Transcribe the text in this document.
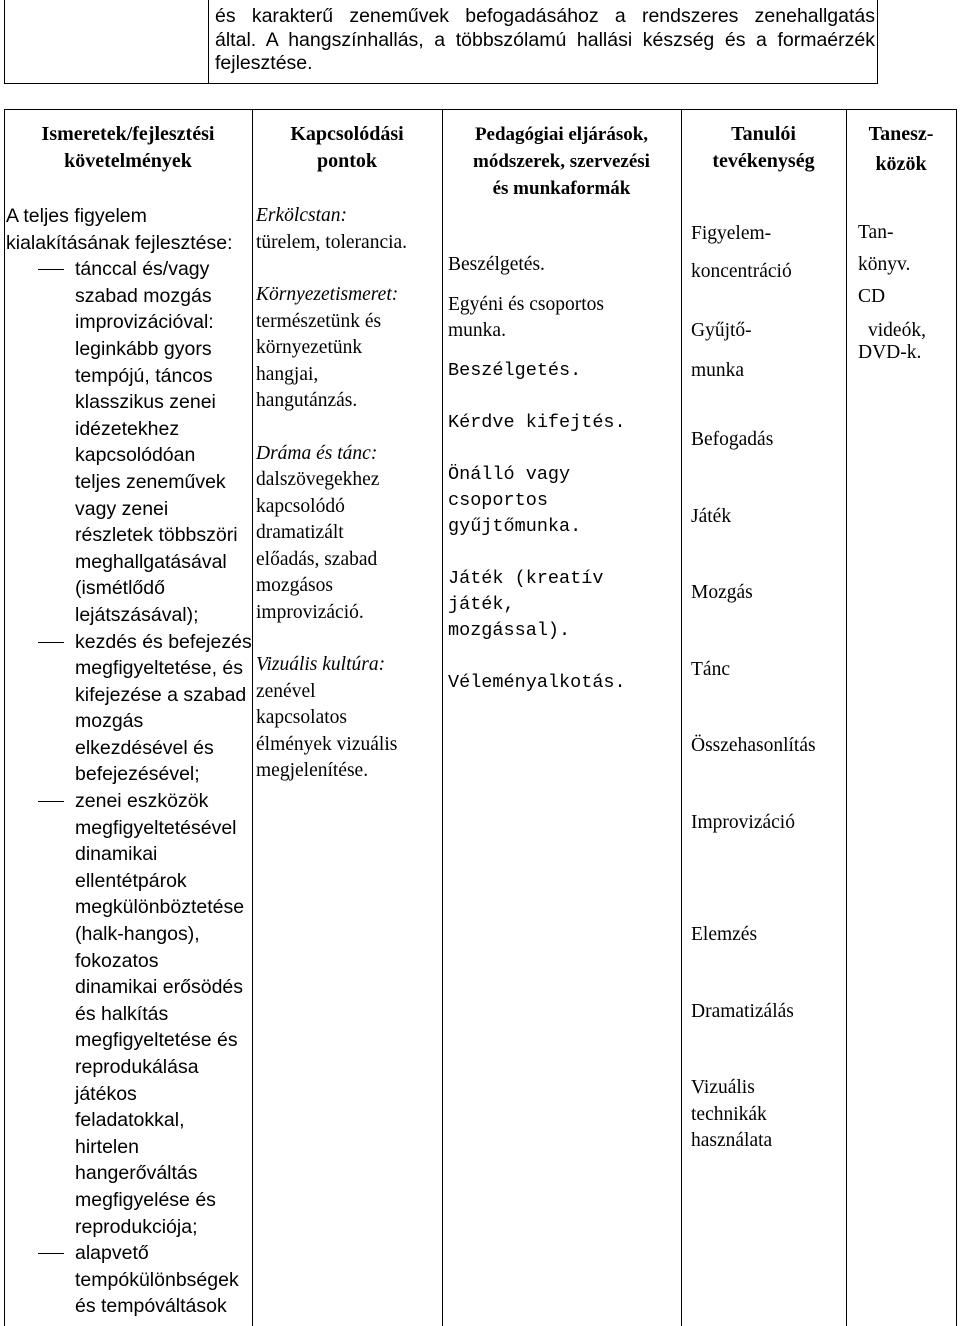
és karakterű zeneművek befogadásához a rendszeres zenehallgatás
által. A hangszínhallás, a többszólamú hallási készség és a formaérzék
fejlesztése.
Ismeretek/fejlesztési
követelmények
Kapcsolódási
pontok
Pedagógiai eljárások,
módszerek, szervezési
és munkaformák
Tanulói
tevékenység
Tanesz-
közök
A teljes figyelem
kialakításának fejlesztése:
tánccal és/vagy
szabad mozgás
improvizációval:
leginkább gyors
tempójú, táncos
klasszikus zenei
idézetekhez
kapcsolódóan
teljes zeneművek
vagy zenei
részletek többszöri
meghallgatásával
(ismétlődő
lejátszásával);
kezdés és befejezés
megfigyeltetése, és
kifejezése a szabad
mozgás
elkezdésével és
befejezésével;
zenei eszközök
megfigyeltetésével
dinamikai
ellentétpárok
megkülönböztetése
(halk-hangos),
fokozatos
dinamikai erősödés
és halkítás
megfigyeltetése és
reprodukálása
játékos
feladatokkal,
hirtelen
hangerőváltás
megfigyelése és
reprodukciója;
alapvető
tempókülönbségek
és tempóváltások
Erkölcstan:
türelem, tolerancia.
Környezetismeret:
természetünk és
környezetünk
hangjai,
hangutánzás.
Dráma és tánc:
dalszövegekhez
kapcsolódó
dramatizált
előadás, szabad
mozgásos
improvizáció.
Vizuális kultúra:
zenével
kapcsolatos
élmények vizuális
megjelenítése.
Beszélgetés.
Egyéni és csoportos
munka.
Beszélgetés.
Kérdve kifejtés.
Önálló vagy
csoportos
gyűjtőmunka.
Játék (kreatív
játék,
mozgással).
Véleményalkotás.
Figyelem-
koncentráció
Gyűjtő-
munka
Befogadás
Játék
Mozgás
Tánc
Összehasonlítás
Improvizáció
Elemzés
Dramatizálás
Vizuális
technikák
használata
Tan-
könyv.
CD
videók,
DVD-k.
